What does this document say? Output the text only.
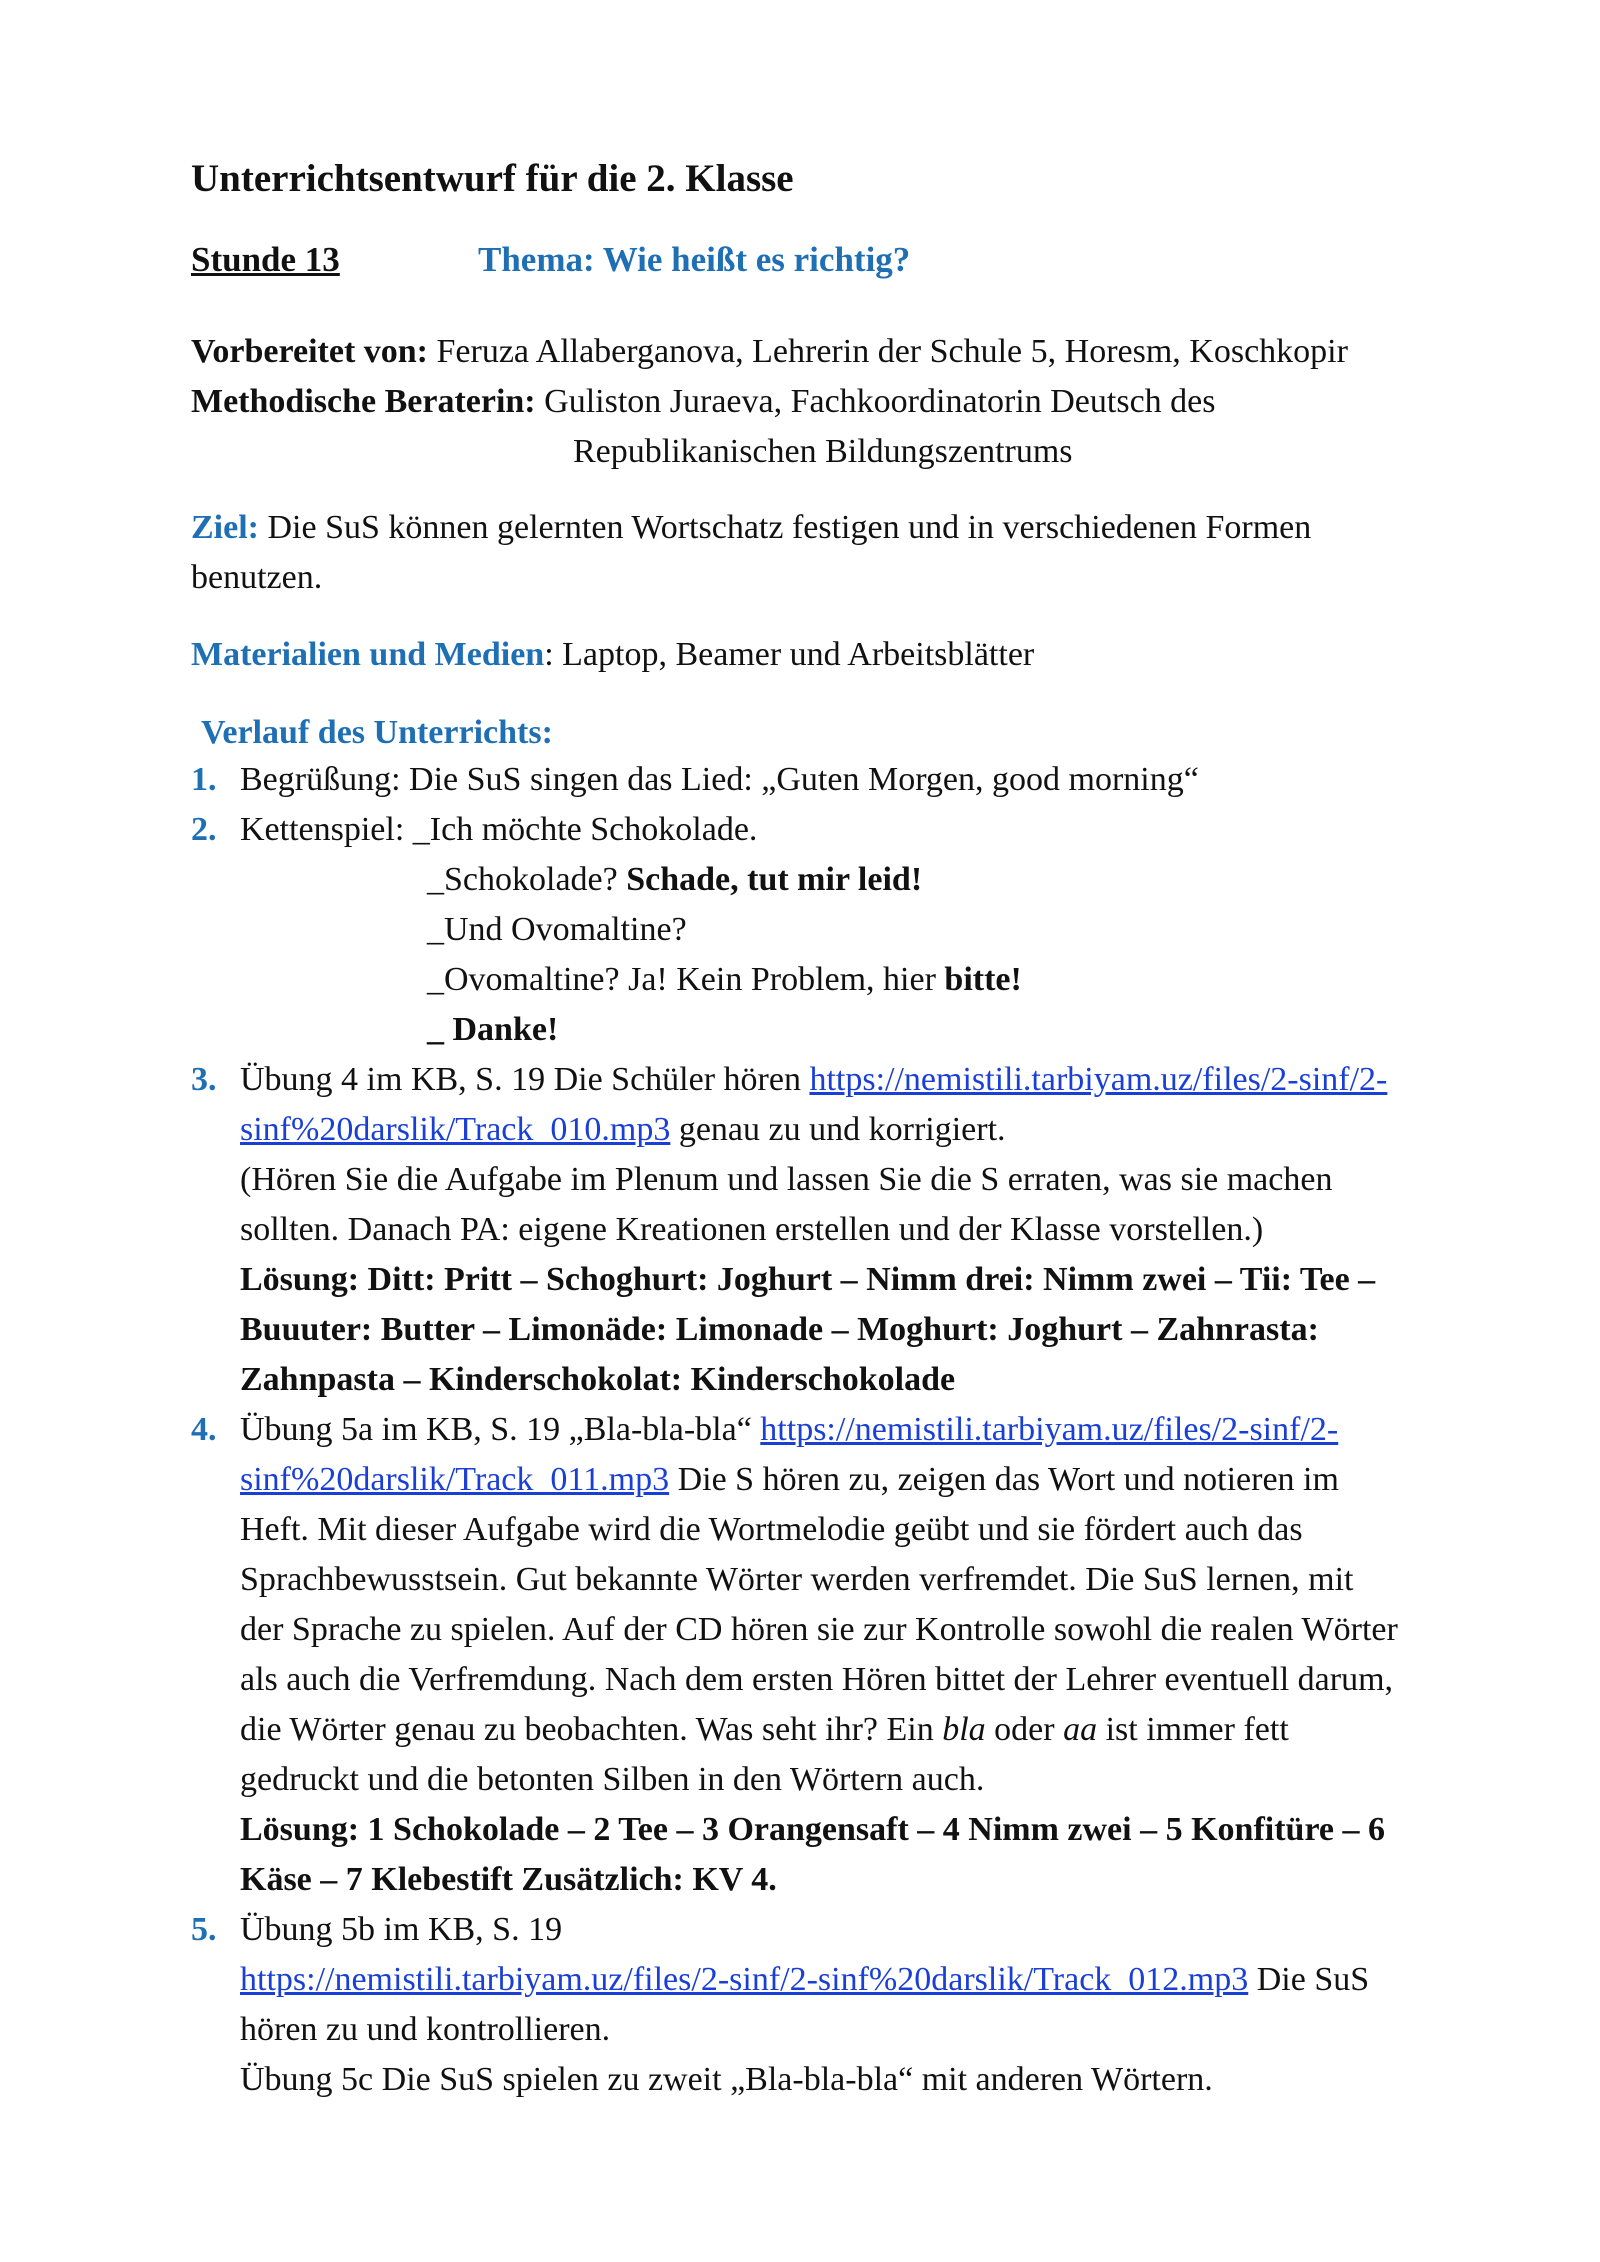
Unterrichtsentwurf für die 2. Klasse
Stunde 13	Thema: Wie heißt es richtig?
Vorbereitet von: Feruza Allaberganova, Lehrerin der Schule 5, Horesm, Koschkopir
Methodische Beraterin: Guliston Juraeva, Fachkoordinatorin Deutsch des
Republikanischen Bildungszentrums
Ziel: Die SuS können gelernten Wortschatz festigen und in verschiedenen Formen
benutzen.
Materialien und Medien: Laptop, Beamer und Arbeitsblätter
Verlauf des Unterrichts:
1. Begrüßung: Die SuS singen das Lied: „Guten Morgen, good morning“
2. Kettenspiel: _Ich möchte Schokolade.
_Schokolade? Schade, tut mir leid!
_Und Ovomaltine?
_Ovomaltine? Ja! Kein Problem, hier bitte!
_ Danke!
3. Übung 4 im KB, S. 19 Die Schüler hören https://nemistili.tarbiyam.uz/files/2-sinf/2-
sinf%20darslik/Track_010.mp3 genau zu und korrigiert.
(Hören Sie die Aufgabe im Plenum und lassen Sie die S erraten, was sie machen
sollten. Danach PA: eigene Kreationen erstellen und der Klasse vorstellen.)
Lösung: Ditt: Pritt – Schoghurt: Joghurt – Nimm drei: Nimm zwei – Tii: Tee –
Buuuter: Butter – Limonäde: Limonade – Moghurt: Joghurt – Zahnrasta:
Zahnpasta – Kinderschokolat: Kinderschokolade
4. Übung 5a im KB, S. 19 „Bla-bla-bla“ https://nemistili.tarbiyam.uz/files/2-sinf/2-
sinf%20darslik/Track_011.mp3 Die S hören zu, zeigen das Wort und notieren im
Heft. Mit dieser Aufgabe wird die Wortmelodie geübt und sie fördert auch das
Sprachbewusstsein. Gut bekannte Wörter werden verfremdet. Die SuS lernen, mit
der Sprache zu spielen. Auf der CD hören sie zur Kontrolle sowohl die realen Wörter
als auch die Verfremdung. Nach dem ersten Hören bittet der Lehrer eventuell darum,
die Wörter genau zu beobachten. Was seht ihr? Ein bla oder aa ist immer fett
gedruckt und die betonten Silben in den Wörtern auch.
Lösung: 1 Schokolade – 2 Tee – 3 Orangensaft – 4 Nimm zwei – 5 Konfitüre – 6
Käse – 7 Klebestift Zusätzlich: KV 4.
5. Übung 5b im KB, S. 19
https://nemistili.tarbiyam.uz/files/2-sinf/2-sinf%20darslik/Track_012.mp3 Die SuS
hören zu und kontrollieren.
Übung 5c Die SuS spielen zu zweit „Bla-bla-bla“ mit anderen Wörtern.
